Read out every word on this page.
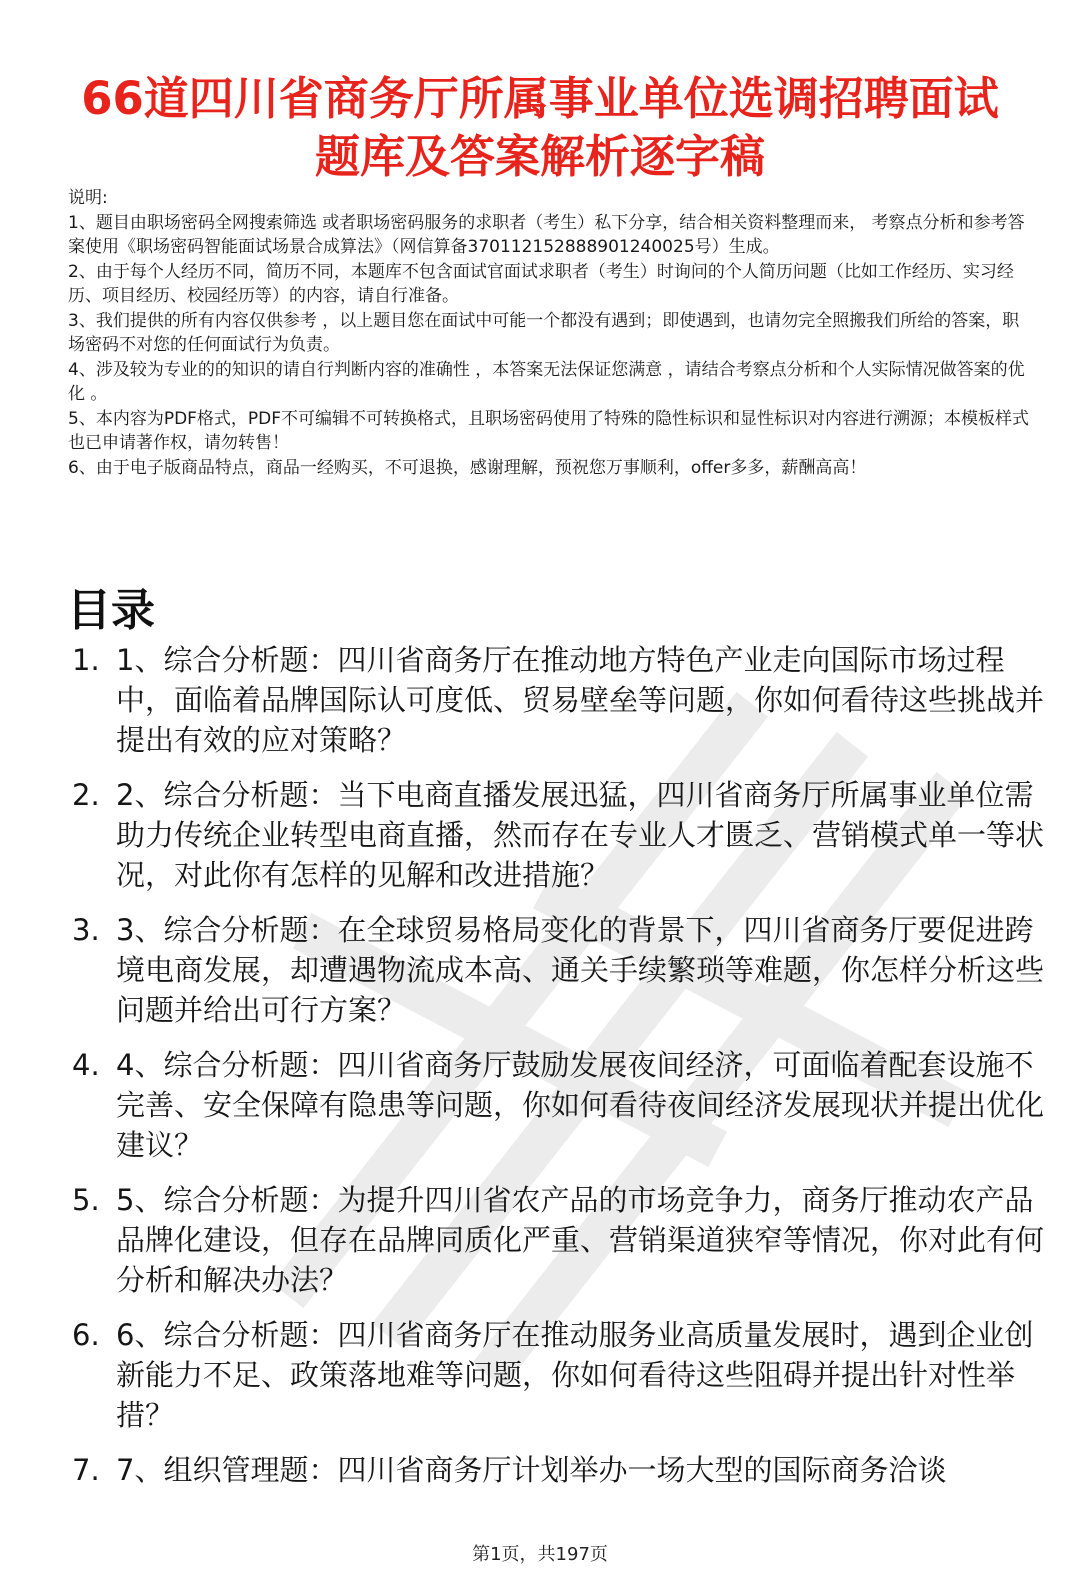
66道四川省商务厅所属事业单位选调招聘面试
题库及答案解析逐字稿
说明:

1、题目由职场密码全网搜索筛选 或者职场密码服务的求职者（考生）私下分享，结合相关资料整理而来， 考察点分析和参考答案使用《职场密码智能面试场景合成算法》（网信算备370112152888901240025号）生成。

2、由于每个人经历不同，简历不同，本题库不包含面试官面试求职者（考生）时询问的个人简历问题（比如工作经历、实习经历、项目经历、校园经历等）的内容，请自行准备。

3、我们提供的所有内容仅供参考 ，以上题目您在面试中可能一个都没有遇到；即使遇到，也请勿完全照搬我们所给的答案，职场密码不对您的任何面试行为负责。

4、涉及较为专业的的知识的请自行判断内容的准确性 ，本答案无法保证您满意 ，请结合考察点分析和个人实际情况做答案的优化 。

5、本内容为PDF格式，PDF不可编辑不可转换格式，且职场密码使用了特殊的隐性标识和显性标识对内容进行溯源；本模板样式也已申请著作权，请勿转售！

6、由于电子版商品特点，商品一经购买，不可退换，感谢理解，预祝您万事顺利，offer多多，薪酬高高！

目录
1. 1、综合分析题：四川省商务厅在推动地方特色产业走向国际市场过程中，面临着品牌国际认可度低、贸易壁垒等问题，你如何看待这些挑战并提出有效的应对策略？
2. 2、综合分析题：当下电商直播发展迅猛，四川省商务厅所属事业单位需助力传统企业转型电商直播，然而存在专业人才匮乏、营销模式单一等状况，对此你有怎样的见解和改进措施？
3. 3、综合分析题：在全球贸易格局变化的背景下，四川省商务厅要促进跨境电商发展，却遭遇物流成本高、通关手续繁琐等难题，你怎样分析这些问题并给出可行方案？
4. 4、综合分析题：四川省商务厅鼓励发展夜间经济，可面临着配套设施不完善、安全保障有隐患等问题，你如何看待夜间经济发展现状并提出优化建议？
5. 5、综合分析题：为提升四川省农产品的市场竞争力，商务厅推动农产品品牌化建设，但存在品牌同质化严重、营销渠道狭窄等情况，你对此有何分析和解决办法？
6. 6、综合分析题：四川省商务厅在推动服务业高质量发展时，遇到企业创新能力不足、政策落地难等问题，你如何看待这些阻碍并提出针对性举措？
7. 7、组织管理题：四川省商务厅计划举办一场大型的国际商务洽谈
第1页，共197页
